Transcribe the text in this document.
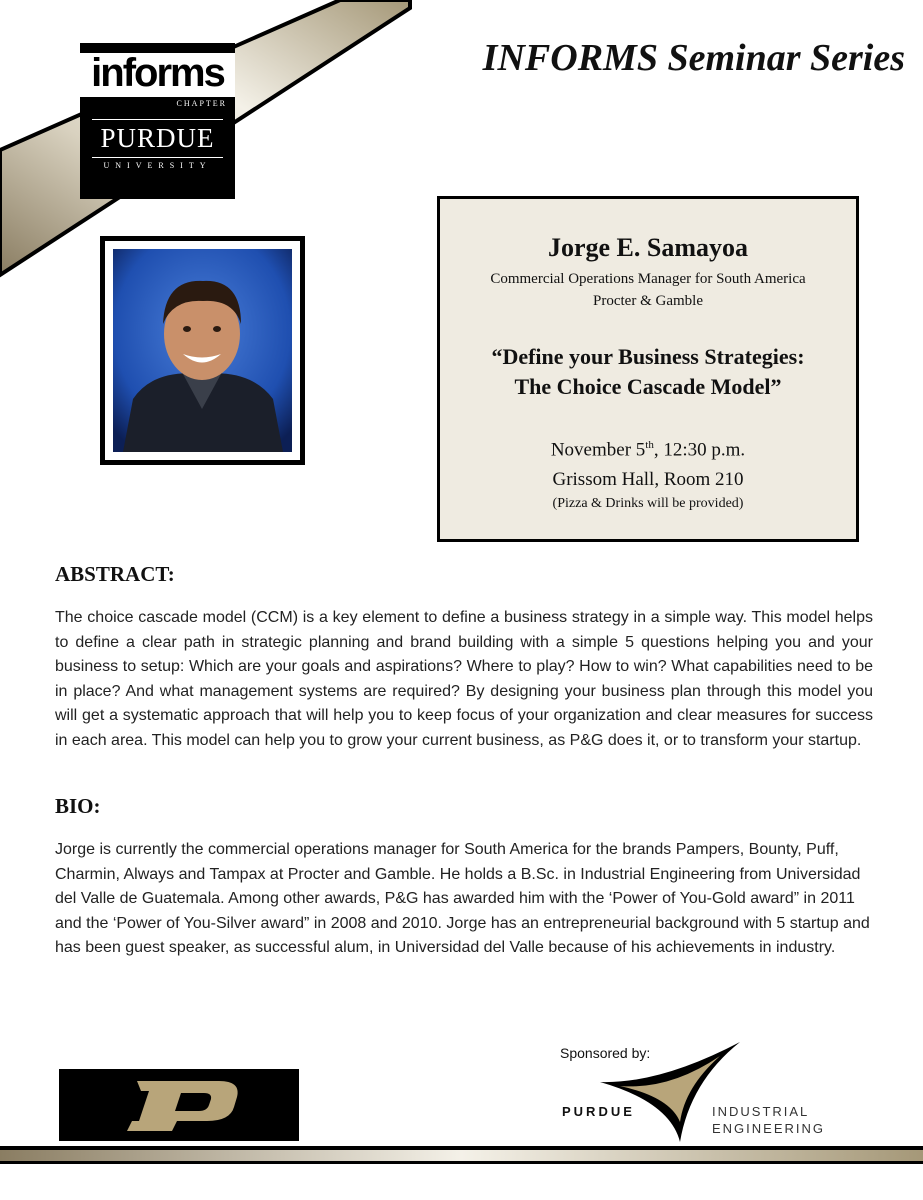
informs
CHAPTER
PURDUE
UNIVERSITY
INFORMS Seminar Series
Jorge E. Samayoa
Commercial Operations Manager for South America
Procter & Gamble
“Define your Business Strategies:
The Choice Cascade Model”
November 5th, 12:30 p.m.
Grissom Hall, Room 210
(Pizza & Drinks will be provided)
ABSTRACT:
The choice cascade model (CCM) is a key element to define a business strategy in a simple way. This model helps to define a clear path in strategic planning and brand building with a simple 5 questions helping you and your business to setup: Which are your goals and aspirations? Where to play? How to win? What capabilities need to be in place? And what management systems are required? By designing your business plan through this model you will get a systematic approach that will help you to keep focus of your organization and clear measures for success in each area. This model can help you to grow your current business, as P&G does it, or to transform your startup.
BIO:
Jorge is currently the commercial operations manager for South America for the brands Pampers, Bounty, Puff, Charmin, Always and Tampax at Procter and Gamble. He holds a B.Sc. in Industrial Engineering from Universidad del Valle de Guatemala. Among other awards, P&G has awarded him with the ‘Power of You-Gold award” in 2011 and the ‘Power of You-Silver award” in 2008 and 2010. Jorge has an entrepreneurial background with 5 startup and has been guest speaker, as successful alum, in Universidad del Valle because of his achievements in industry.
Sponsored by:
PURDUE	INDUSTRIAL
ENGINEERING
